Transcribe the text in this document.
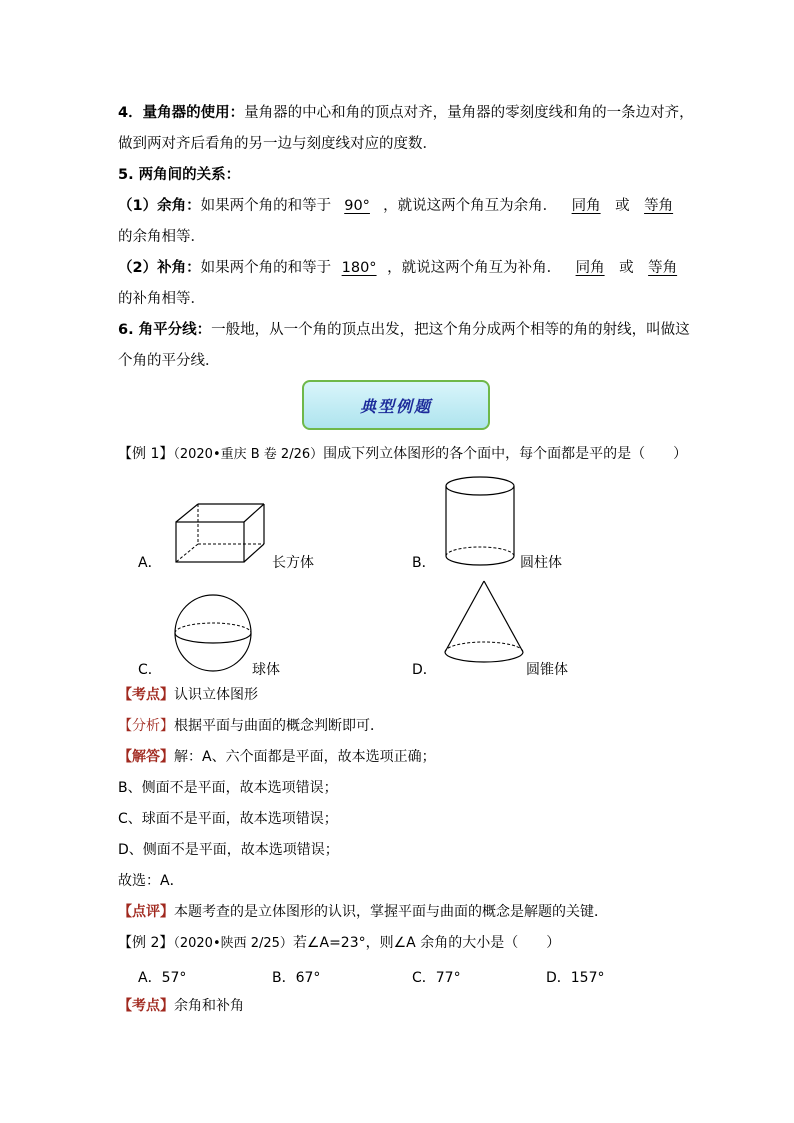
4．量角器的使用：量角器的中心和角的顶点对齐，量角器的零刻度线和角的一条边对齐，
做到两对齐后看角的另一边与刻度线对应的度数．
5. 两角间的关系：
（1）余角：如果两个角的和等于 90° ，就说这两个角互为余角． 同角 或 等角
的余角相等．
（2）补角：如果两个角的和等于 180° ，就说这两个角互为补角． 同角 或 等角
的补角相等．
6. 角平分线：一般地，从一个角的顶点出发，把这个角分成两个相等的角的射线，叫做这
个角的平分线．
典型例题
【例 1】（2020•重庆 B 卷 2/26）围成下列立体图形的各个面中，每个面都是平的是（　　）
A．	长方体	B．	圆柱体
C．	球体	D．	圆锥体
【考点】认识立体图形
【分析】根据平面与曲面的概念判断即可．
【解答】解：A、六个面都是平面，故本选项正确；
B、侧面不是平面，故本选项错误；
C、球面不是平面，故本选项错误；
D、侧面不是平面，故本选项错误；
故选：A．
【点评】本题考查的是立体图形的认识，掌握平面与曲面的概念是解题的关键．
【例 2】（2020•陕西 2/25）若∠A=23°，则∠A 余角的大小是（　　）
A．57°	B．67°	C．77°	D．157°
【考点】余角和补角
